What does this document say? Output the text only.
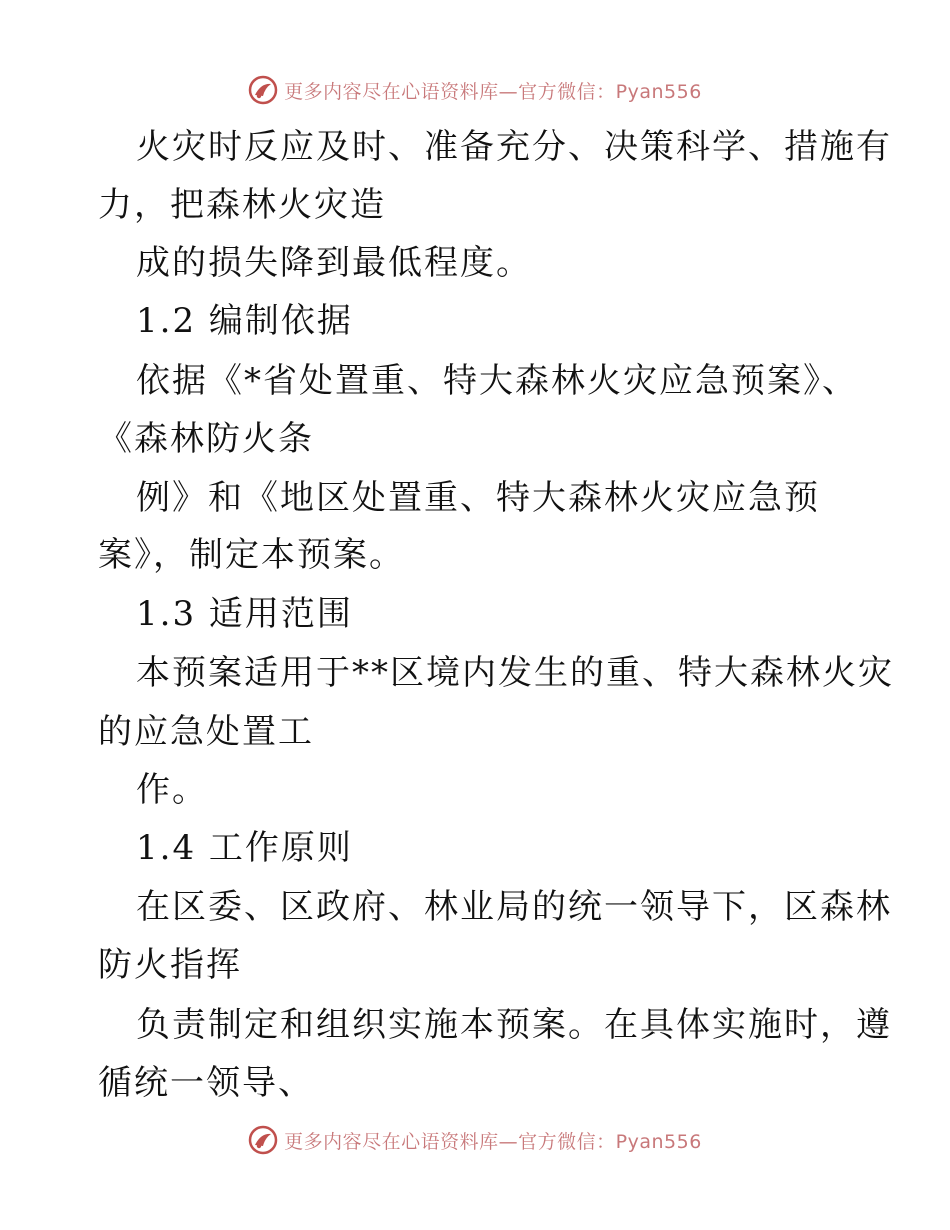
更多内容尽在心语资料库—官方微信：Pyan556
火灾时反应及时、准备充分、决策科学、措施有
力，把森林火灾造
成的损失降到最低程度。
1.2 编制依据
依据《*省处置重、特大森林火灾应急预案》、
《森林防火条
例》和《地区处置重、特大森林火灾应急预
案》，制定本预案。
1.3 适用范围
本预案适用于**区境内发生的重、特大森林火灾
的应急处置工
作。
1.4 工作原则
在区委、区政府、林业局的统一领导下，区森林
防火指挥
负责制定和组织实施本预案。在具体实施时，遵
循统一领导、
更多内容尽在心语资料库—官方微信：Pyan556
